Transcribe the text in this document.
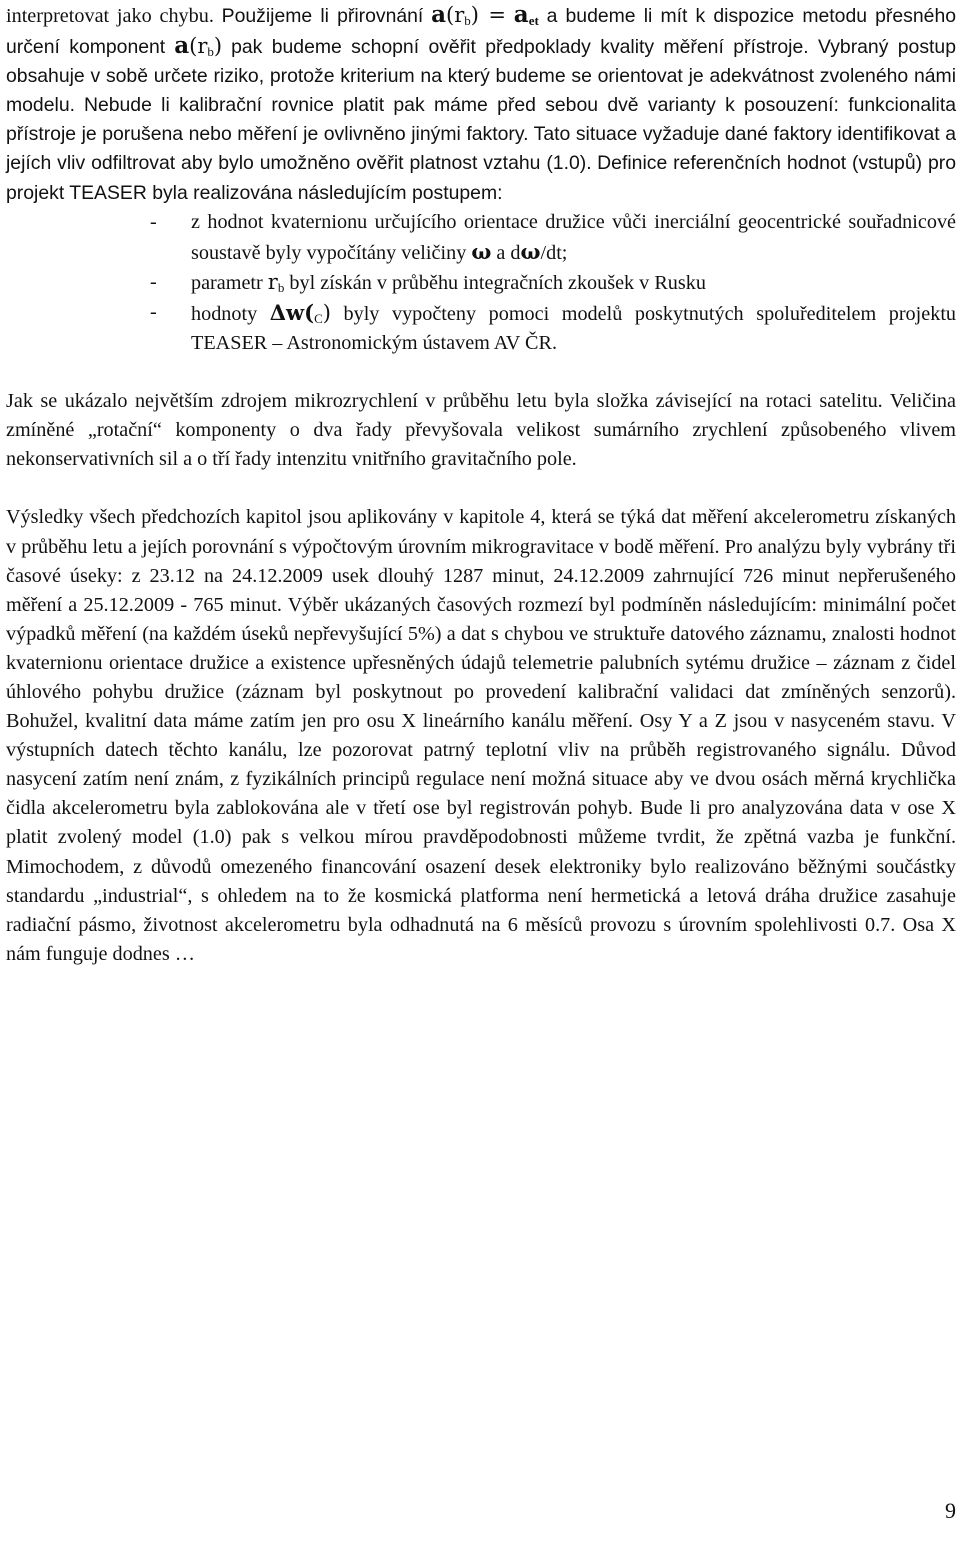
interpretovat jako chybu. Použijeme li přirovnání $a(r_b) = a_{et}$ a budeme li mít k dispozice metodu přesného určení komponent $a(r_b)$ pak budeme schopní ověřit předpoklady kvality měření přístroje. Vybraný postup obsahuje v sobě určete riziko, protože kriterium na který budeme se orientovat je adekvátnost zvoleného námi modelu. Nebude li kalibrační rovnice platit pak máme před sebou dvě varianty k posouzení: funkcionalita přístroje je porušena nebo měření je ovlivněno jinými faktory. Tato situace vyžaduje dané faktory identifikovat a jejích vliv odfiltrovat aby bylo umožněno ověřit platnost vztahu (1.0). Definice referenčních hodnot (vstupů) pro projekt TEASER byla realizována následujícím postupem:

- z hodnot kvaternionu určujícího orientace družice vůči inerciální geocentrické souřadnicové soustavě byly vypočítány veličiny ω a dω/dt;
- parametr $r_b$ byl získán v průběhu integračních zkoušek v Rusku
- hodnoty $\Delta w(_C)$ byly vypočteny pomoci modelů poskytnutých spoluředitelem projektu TEASER – Astronomickým ústavem AV ČR.

Jak se ukázalo největším zdrojem mikrozrychlení v průběhu letu byla složka závisející na rotaci satelitu. Veličina zmíněné „rotační“ komponenty o dva řady převyšovala velikost sumárního zrychlení způsobeného vlivem nekonservativních sil a o tří řady intenzitu vnitřního gravitačního pole.

Výsledky všech předchozích kapitol jsou aplikovány v kapitole 4, která se týká dat měření akcelerometru získaných v průběhu letu a jejích porovnání s výpočtovým úrovním mikrogravitace v bodě měření. Pro analýzu byly vybrány tři časové úseky: z 23.12 na 24.12.2009 usek dlouhý 1287 minut, 24.12.2009 zahrnující 726 minut nepřerušeného měření a 25.12.2009 - 765 minut. Výběr ukázaných časových rozmezí byl podmíněn následujícím: minimální počet výpadků měření (na každém úseků nepřevyšující 5%) a dat s chybou ve struktuře datového záznamu, znalosti hodnot kvaternionu orientace družice a existence upřesněných údajů telemetrie palubních sytému družice – záznam z čidel úhlového pohybu družice (záznam byl poskytnout po provedení kalibrační validaci dat zmíněných senzorů). Bohužel, kvalitní data máme zatím jen pro osu X lineárního kanálu měření. Osy Y a Z jsou v nasyceném stavu. V výstupních datech těchto kanálu, lze pozorovat patrný teplotní vliv na průběh registrovaného signálu. Důvod nasycení zatím není znám, z fyzikálních principů regulace není možná situace aby ve dvou osách měrná krychlička čidla akcelerometru byla zablokována ale v třetí ose byl registrován pohyb. Bude li pro analyzována data v ose X platit zvolený model (1.0) pak s velkou mírou pravděpodobnosti můžeme tvrdit, že zpětná vazba je funkční. Mimochodem, z důvodů omezeného financování osazení desek elektroniky bylo realizováno běžnými součástky standardu „industrial“, s ohledem na to že kosmická platforma není hermetická a letová dráha družice zasahuje radiační pásmo, životnost akcelerometru byla odhadnutá na 6 měsíců provozu s úrovním spolehlivosti 0.7. Osa X nám funguje dodnes …

9
